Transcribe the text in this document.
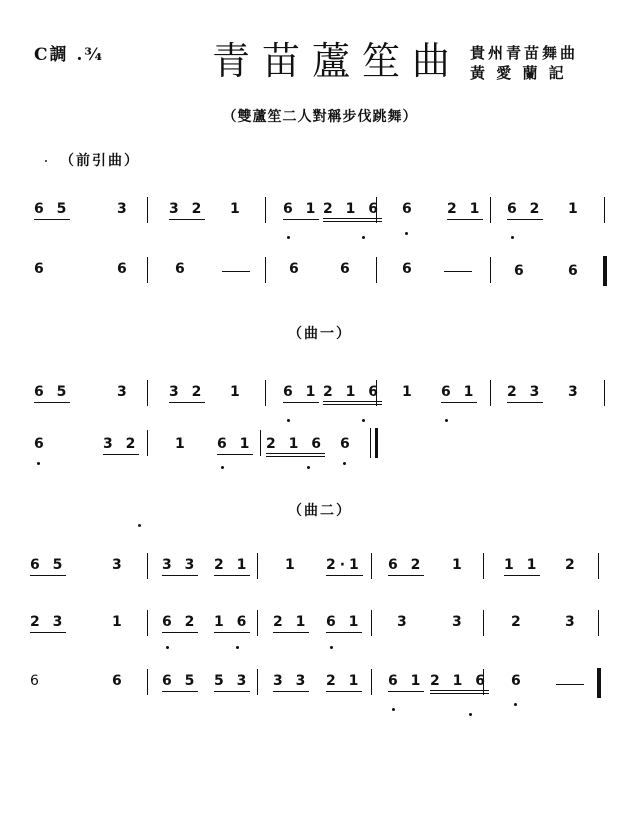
C調 .¾	青苗蘆笙曲 貴州青苗舞曲
黃 愛 蘭 記
（雙蘆笙二人對稱步伐跳舞）
（前引曲）
6 5	3	3 2 1	6 1 2 1 6 6 2 1 6 2 1
6	6	6	6	6	6	6	6
（曲一）
6 5	3	3 2 1	6 1 2 1 6 1 6 1 2 3 3
6	3 2	1 6 1 2 1 6 6
（曲二）
6 5	3	3 3 2 1 1 2·1 6 2 1	1 1 2
2 3	1	6 2 1 6 2 1 6 1 3	3	2	3
6	6	6 5 5 3 3 3 2 1 6 1 2 1 6 6
